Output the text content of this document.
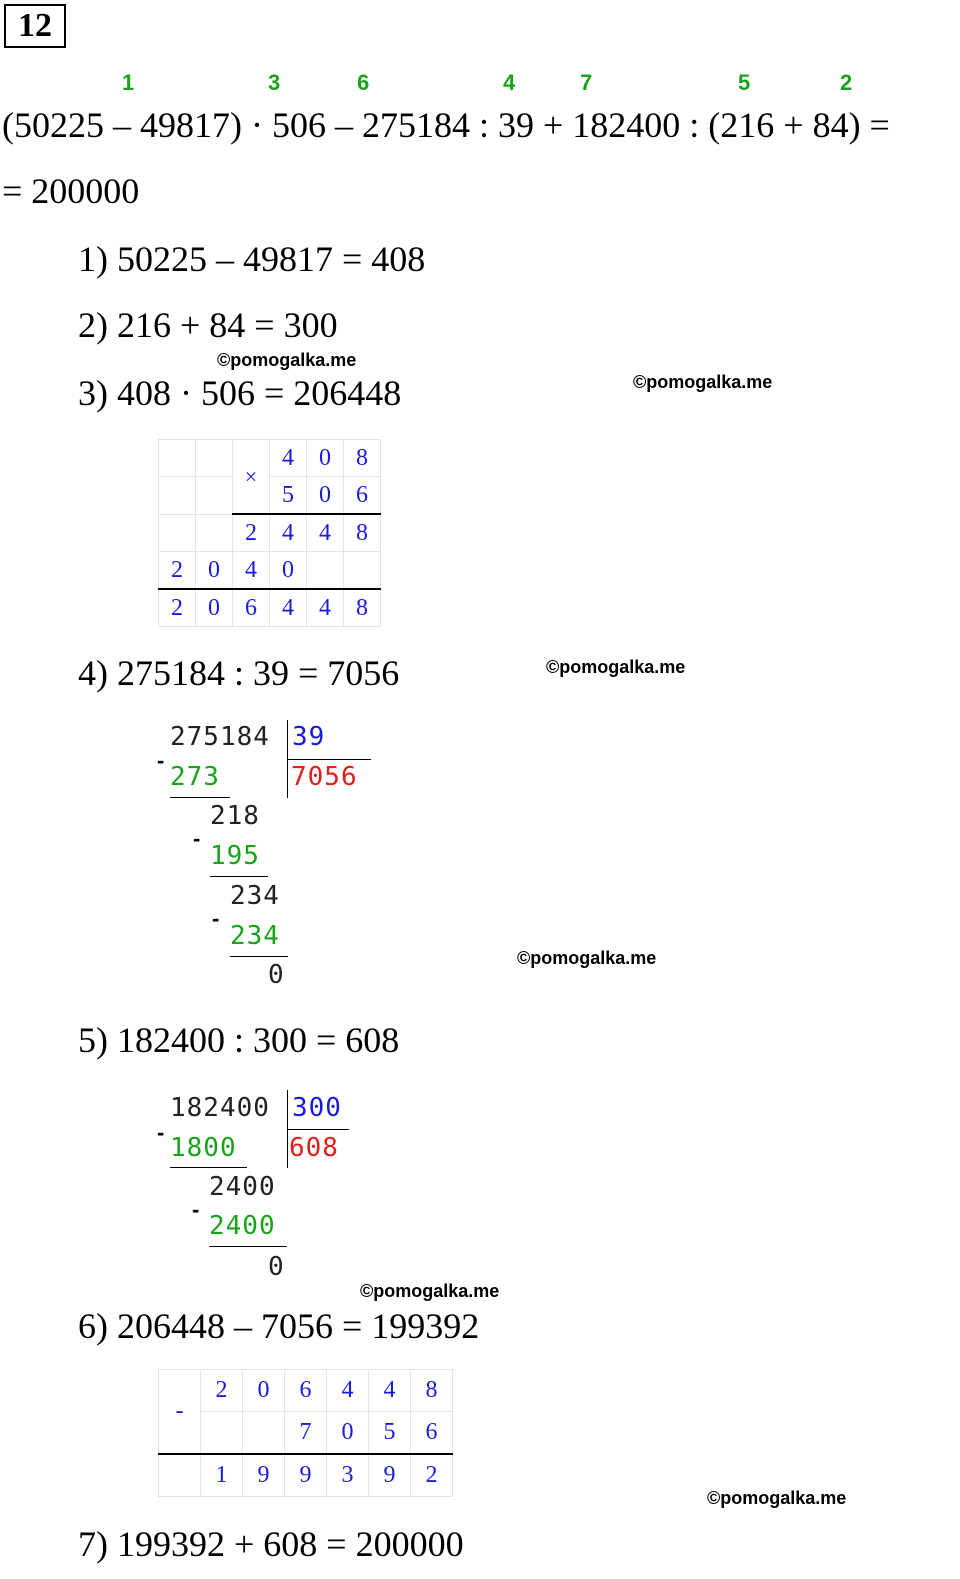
12
1	3	6	4	7	5	2
(50225 – 49817) · 506 – 275184 : 39 + 182400 : (216 + 84) =
= 200000
1) 50225 – 49817 = 408
2) 216 + 84 = 300
©pomogalka.me
3) 408 · 506 = 206448	©pomogalka.me
		×	4	0	8
			5	0	6
		2	4	4	8
2	0	4	0		
2	0	6	4	4	8
4) 275184 : 39 = 7056	©pomogalka.me
275184 39
-
273	7056
218
-
195
234
-
234
0
©pomogalka.me
5) 182400 : 300 = 608
182400 300
-
1800 608
2400
-
2400
0
©pomogalka.me
6) 206448 – 7056 = 199392
-	2	0	6	4	4	8
			7	0	5	6
	1	9	9	3	9	2
©pomogalka.me
7) 199392 + 608 = 200000
